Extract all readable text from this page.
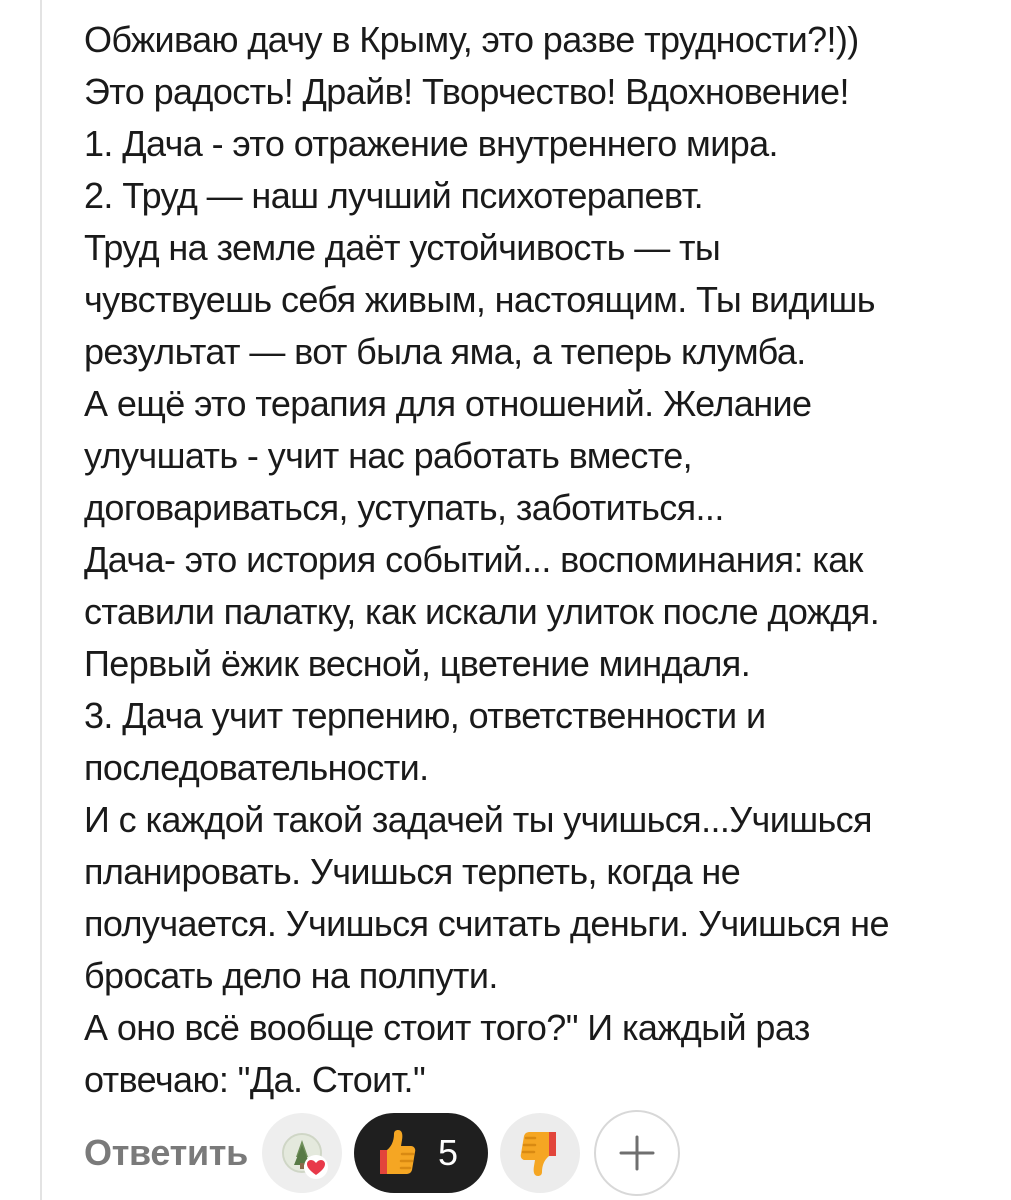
Обживаю дачу в Крыму, это разве трудности?!))
Это радость! Драйв! Творчество! Вдохновение!
1. Дача - это отражение внутреннего мира.
2. Труд — наш лучший психотерапевт.
Труд на земле даёт устойчивость — ты
чувствуешь себя живым, настоящим. Ты видишь
результат — вот была яма, а теперь клумба.
А ещё это терапия для отношений. Желание
улучшать - учит нас работать вместе,
договариваться, уступать, заботиться...
Дача- это история событий... воспоминания: как
ставили палатку, как искали улиток после дождя.
Первый ёжик весной, цветение миндаля.
3. Дача учит терпению, ответственности и
последовательности.
И с каждой такой задачей ты учишься...Учишься
планировать. Учишься терпеть, когда не
получается. Учишься считать деньги. Учишься не
бросать дело на полпути.
А оно всё вообще стоит того?" И каждый раз
отвечаю: "Да. Стоит."
Ответить	5
